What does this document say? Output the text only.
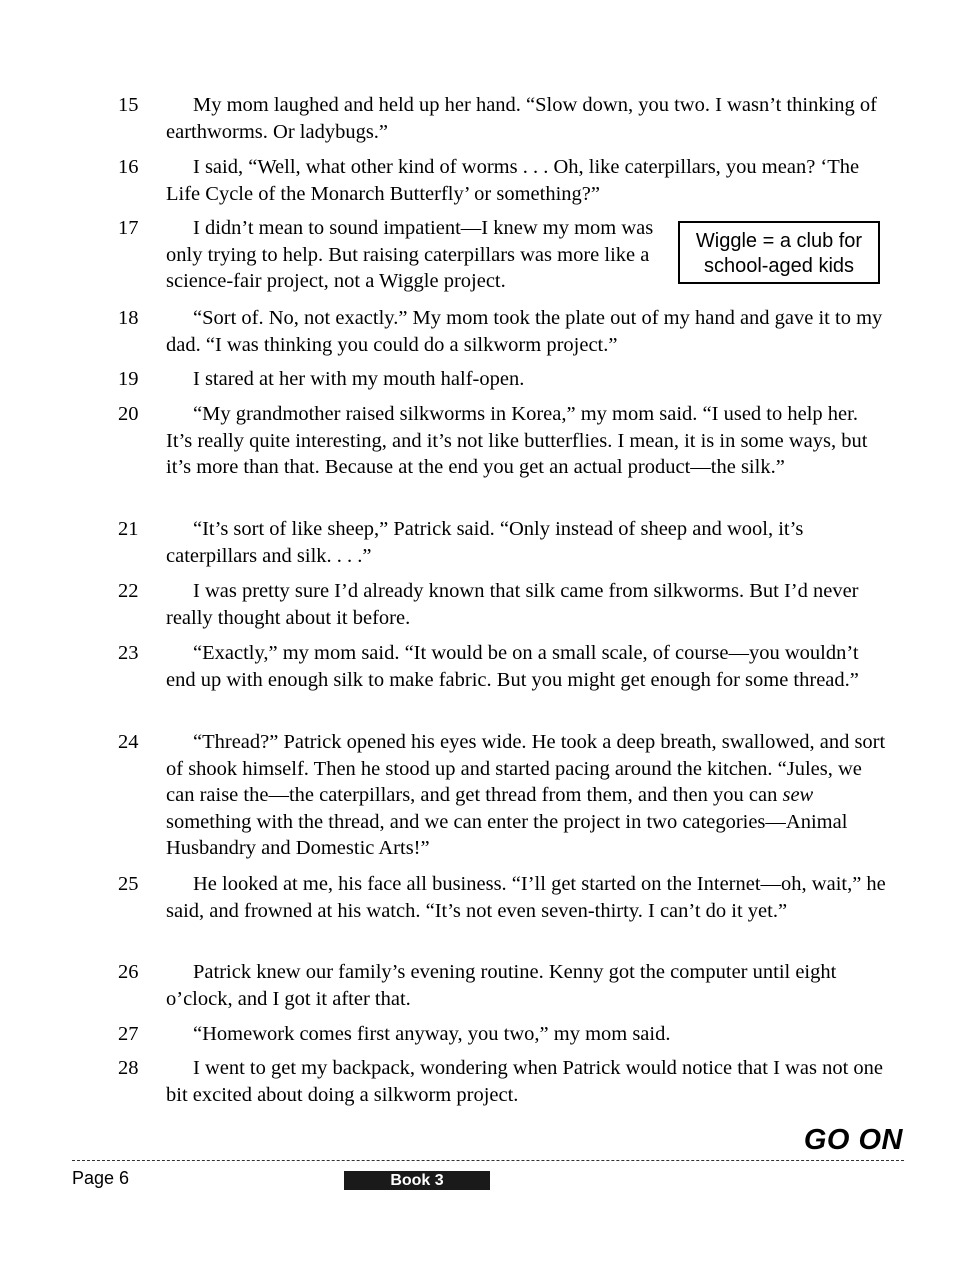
15	My mom laughed and held up her hand. “Slow down, you two. I wasn’t thinking of earthworms. Or ladybugs.”

16	I said, “Well, what other kind of worms . . . Oh, like caterpillars, you mean? ‘The Life Cycle of the Monarch Butterfly’ or something?”

17	I didn’t mean to sound impatient—I knew my mom was only trying to help. But raising caterpillars was more like a science-fair project, not a Wiggle project.

Wiggle = a club for
school-aged kids
18	“Sort of. No, not exactly.” My mom took the plate out of my hand and gave it to my dad. “I was thinking you could do a silkworm project.”

19	I stared at her with my mouth half-open.

20	“My grandmother raised silkworms in Korea,” my mom said. “I used to help her. It’s really quite interesting, and it’s not like butterflies. I mean, it is in some ways, but it’s more than that. Because at the end you get an actual product—the silk.”

21	“It’s sort of like sheep,” Patrick said. “Only instead of sheep and wool, it’s caterpillars and silk. . . .”

22	I was pretty sure I’d already known that silk came from silkworms. But I’d never really thought about it before.

23	“Exactly,” my mom said. “It would be on a small scale, of course—you wouldn’t end up with enough silk to make fabric. But you might get enough for some thread.”

24	“Thread?” Patrick opened his eyes wide. He took a deep breath, swallowed, and sort of shook himself. Then he stood up and started pacing around the kitchen. “Jules, we can raise the—the caterpillars, and get thread from them, and then you can sew something with the thread, and we can enter the project in two categories—Animal Husbandry and Domestic Arts!”

25	He looked at me, his face all business. “I’ll get started on the Internet—oh, wait,” he said, and frowned at his watch. “It’s not even seven-thirty. I can’t do it yet.”

26	Patrick knew our family’s evening routine. Kenny got the computer until eight o’clock, and I got it after that.

27	“Homework comes first anyway, you two,” my mom said.

28	I went to get my backpack, wondering when Patrick would notice that I was not one bit excited about doing a silkworm project.

GO ON
Page 6	Book 3
